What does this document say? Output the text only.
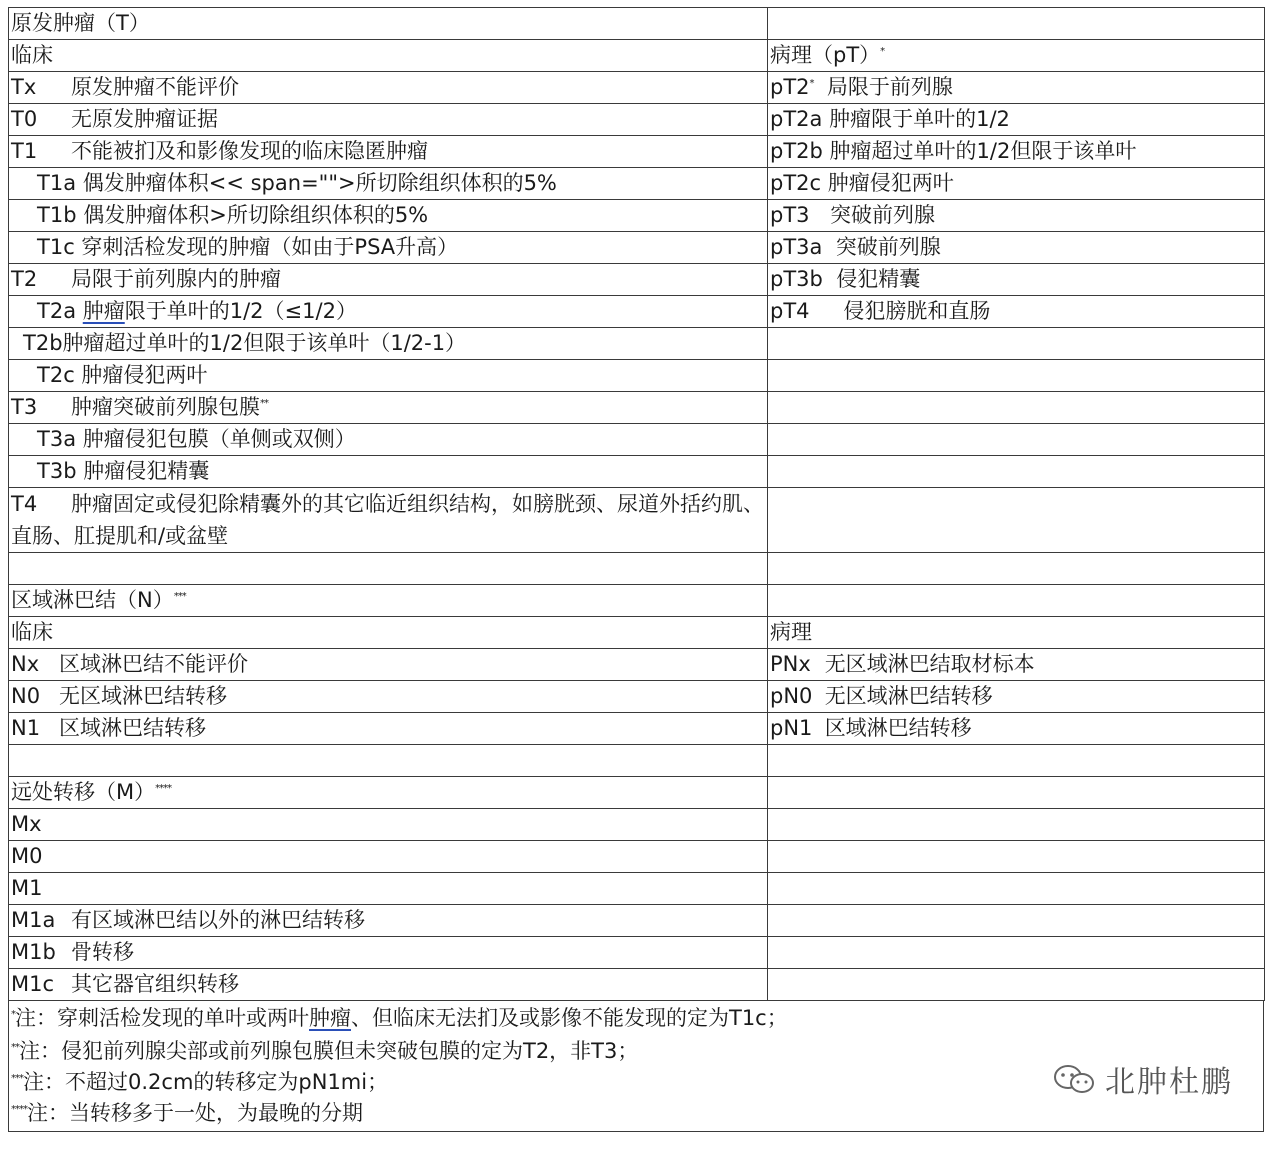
原发肿瘤（T）	
临床	病理（pT）*
Tx 原发肿瘤不能评价	pT2* 局限于前列腺
T0 无原发肿瘤证据	pT2a 肿瘤限于单叶的1/2
T1 不能被扪及和影像发现的临床隐匿肿瘤	pT2b 肿瘤超过单叶的1/2但限于该单叶
T1a 偶发肿瘤体积<< span="">所切除组织体积的5%	pT2c 肿瘤侵犯两叶
T1b 偶发肿瘤体积>所切除组织体积的5%	pT3 突破前列腺
T1c 穿刺活检发现的肿瘤（如由于PSA升高）	pT3a 突破前列腺
T2 局限于前列腺内的肿瘤	pT3b 侵犯精囊
T2a 肿瘤限于单叶的1/2（≤1/2）	pT4 侵犯膀胱和直肠
T2b肿瘤超过单叶的1/2但限于该单叶（1/2-1）	
T2c 肿瘤侵犯两叶	
T3 肿瘤突破前列腺包膜**	
T3a 肿瘤侵犯包膜（单侧或双侧）	
T3b 肿瘤侵犯精囊	
T4 肿瘤固定或侵犯除精囊外的其它临近组织结构，如膀胱颈、尿道外括约肌、直肠、肛提肌和/或盆壁	

区域淋巴结（N）***	
临床	病理
Nx 区域淋巴结不能评价	PNx 无区域淋巴结取材标本
N0 无区域淋巴结转移	pN0 无区域淋巴结转移
N1 区域淋巴结转移	pN1 区域淋巴结转移

远处转移（M）****	
Mx	
M0	
M1	
M1a 有区域淋巴结以外的淋巴结转移	
M1b 骨转移	
M1c 其它器官组织转移	
*注：穿刺活检发现的单叶或两叶肿瘤、但临床无法扪及或影像不能发现的定为T1c；
**注：侵犯前列腺尖部或前列腺包膜但未突破包膜的定为T2，非T3；
***注：不超过0.2cm的转移定为pN1mi；
****注：当转移多于一处，为最晚的分期
北肿杜鹏
